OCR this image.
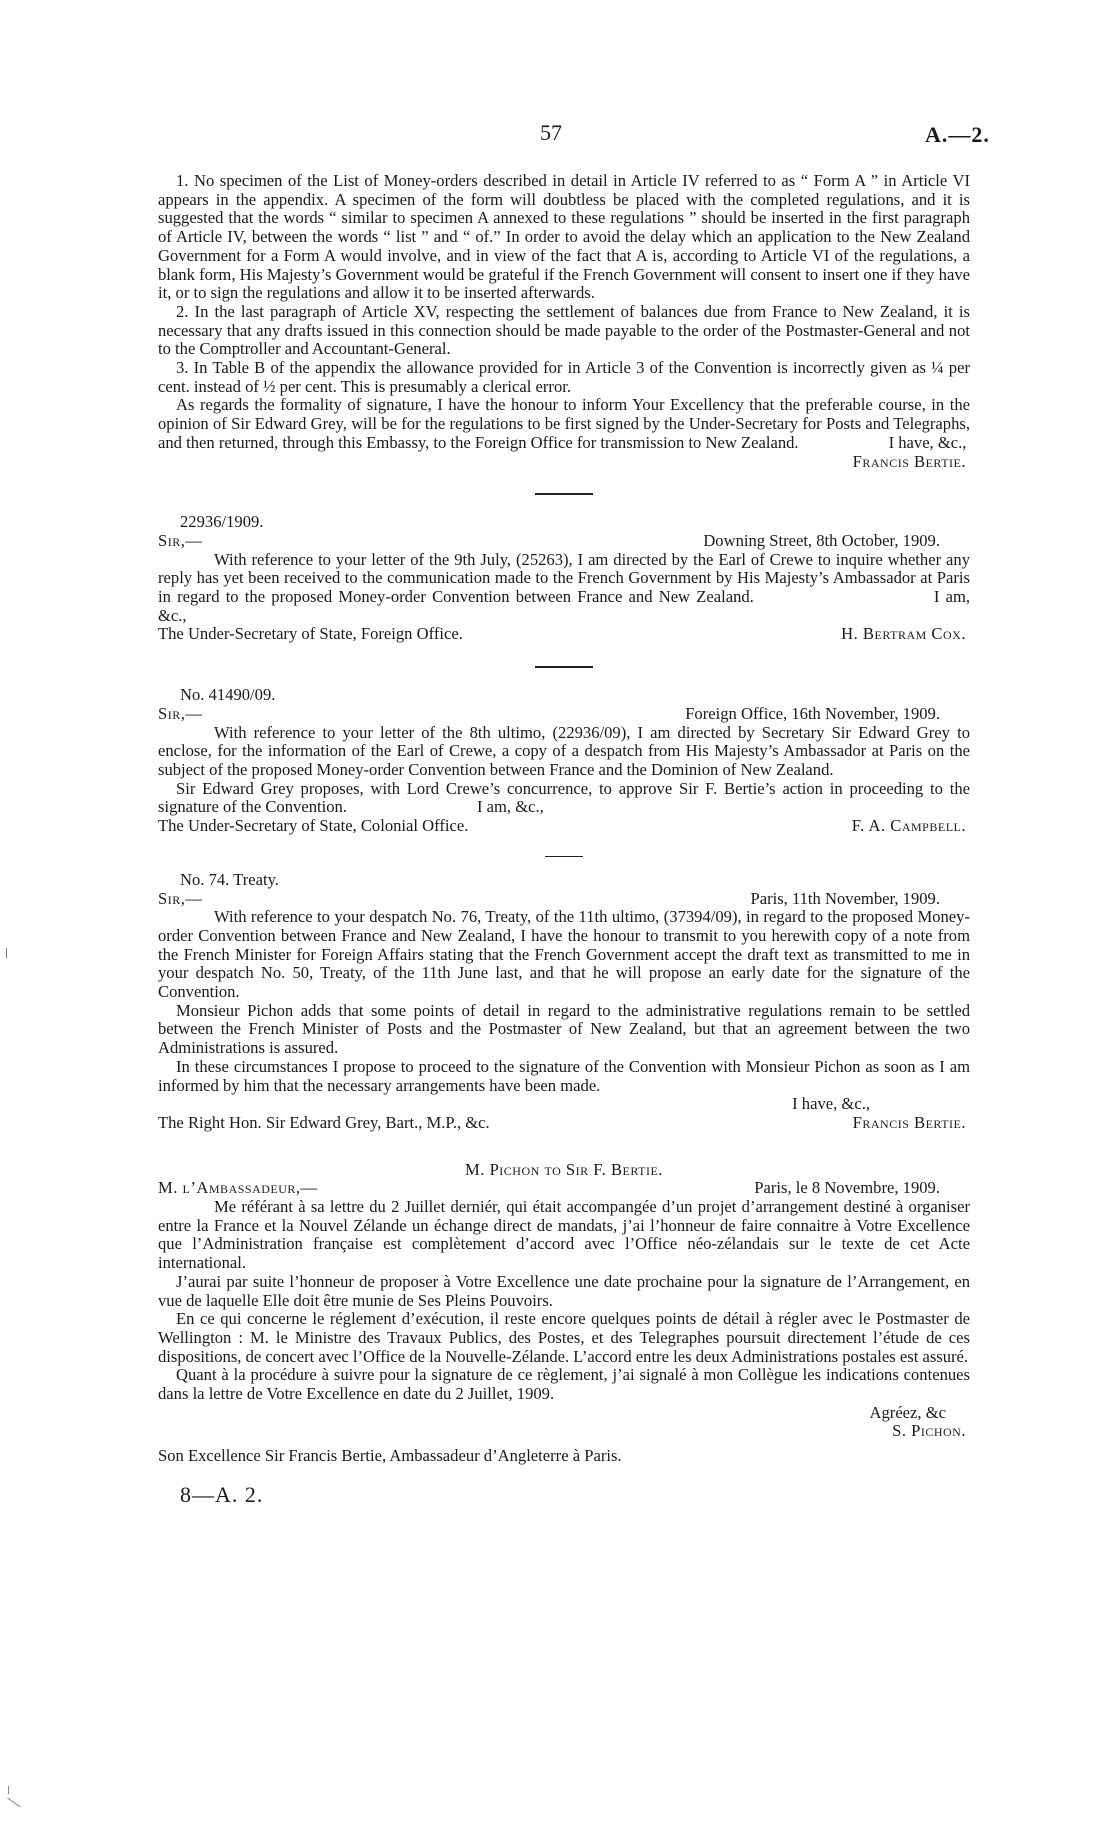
57	A.—2.

1. No specimen of the List of Money-orders described in detail in Article IV referred to as “ Form A ” in Article VI appears in the appendix. A specimen of the form will doubtless be placed with the completed regulations, and it is suggested that the words “ similar to specimen A annexed to these regulations ” should be inserted in the first paragraph of Article IV, between the words “ list ” and “ of.” In order to avoid the delay which an application to the New Zealand Government for a Form A would involve, and in view of the fact that A is, according to Article VI of the regulations, a blank form, His Majesty’s Government would be grateful if the French Government will consent to insert one if they have it, or to sign the regulations and allow it to be inserted afterwards.

2. In the last paragraph of Article XV, respecting the settlement of balances due from France to New Zealand, it is necessary that any drafts issued in this connection should be made payable to the order of the Postmaster-General and not to the Comptroller and Accountant-General.

3. In Table B of the appendix the allowance provided for in Article 3 of the Convention is incorrectly given as ¼ per cent. instead of ½ per cent. This is presumably a clerical error.

As regards the formality of signature, I have the honour to inform Your Excellency that the preferable course, in the opinion of Sir Edward Grey, will be for the regulations to be first signed by the Under-Secretary for Posts and Telegraphs, and then returned, through this Embassy, to the Foreign Office for transmission to New Zealand.	I have, &c.,

Francis Bertie.

22936/1909.
Sir,—	Downing Street, 8th October, 1909.

With reference to your letter of the 9th July, (25263), I am directed by the Earl of Crewe to inquire whether any reply has yet been received to the communication made to the French Government by His Majesty’s Ambassador at Paris in regard to the proposed Money-order Convention between France and New Zealand.	I am, &c.,

The Under-Secretary of State, Foreign Office.	H. Bertram Cox.
No. 41490/09.
Sir,—	Foreign Office, 16th November, 1909.

With reference to your letter of the 8th ultimo, (22936/09), I am directed by Secretary Sir Edward Grey to enclose, for the information of the Earl of Crewe, a copy of a despatch from His Majesty’s Ambassador at Paris on the subject of the proposed Money-order Convention between France and the Dominion of New Zealand.

Sir Edward Grey proposes, with Lord Crewe’s concurrence, to approve Sir F. Bertie’s action in proceeding to the signature of the Convention.	I am, &c.,

The Under-Secretary of State, Colonial Office.	F. A. Campbell.
No. 74. Treaty.
Sir,—	Paris, 11th November, 1909.

With reference to your despatch No. 76, Treaty, of the 11th ultimo, (37394/09), in regard to the proposed Money-order Convention between France and New Zealand, I have the honour to transmit to you herewith copy of a note from the French Minister for Foreign Affairs stating that the French Government accept the draft text as transmitted to me in your despatch No. 50, Treaty, of the 11th June last, and that he will propose an early date for the signature of the Convention.

Monsieur Pichon adds that some points of detail in regard to the administrative regulations remain to be settled between the French Minister of Posts and the Postmaster of New Zealand, but that an agreement between the two Administrations is assured.

In these circumstances I propose to proceed to the signature of the Convention with Monsieur Pichon as soon as I am informed by him that the necessary arrangements have been made.

I have, &c.,
The Right Hon. Sir Edward Grey, Bart., M.P., &c.	Francis Bertie.
M. Pichon to Sir F. Bertie.
M. l’Ambassadeur,—	Paris, le 8 Novembre, 1909.

Me référant à sa lettre du 2 Juillet derniér, qui était accompangée d’un projet d’arrangement destiné à organiser entre la France et la Nouvel Zélande un échange direct de mandats, j’ai l’honneur de faire connaitre à Votre Excellence que l’Administration française est complètement d’accord avec l’Office néo-zélandais sur le texte de cet Acte international.

J’aurai par suite l’honneur de proposer à Votre Excellence une date prochaine pour la signature de l’Arrangement, en vue de laquelle Elle doit être munie de Ses Pleins Pouvoirs.

En ce qui concerne le réglement d’exécution, il reste encore quelques points de détail à régler avec le Postmaster de Wellington : M. le Ministre des Travaux Publics, des Postes, et des Telegraphes poursuit directement l’étude de ces dispositions, de concert avec l’Office de la Nouvelle-Zélande. L’accord entre les deux Administrations postales est assuré.

Quant à la procédure à suivre pour la signature de ce règlement, j’ai signalé à mon Collègue les indications contenues dans la lettre de Votre Excellence en date du 2 Juillet, 1909.

Agréez, &c
S. Pichon.
Son Excellence Sir Francis Bertie, Ambassadeur d’Angleterre à Paris.
8—A. 2.
